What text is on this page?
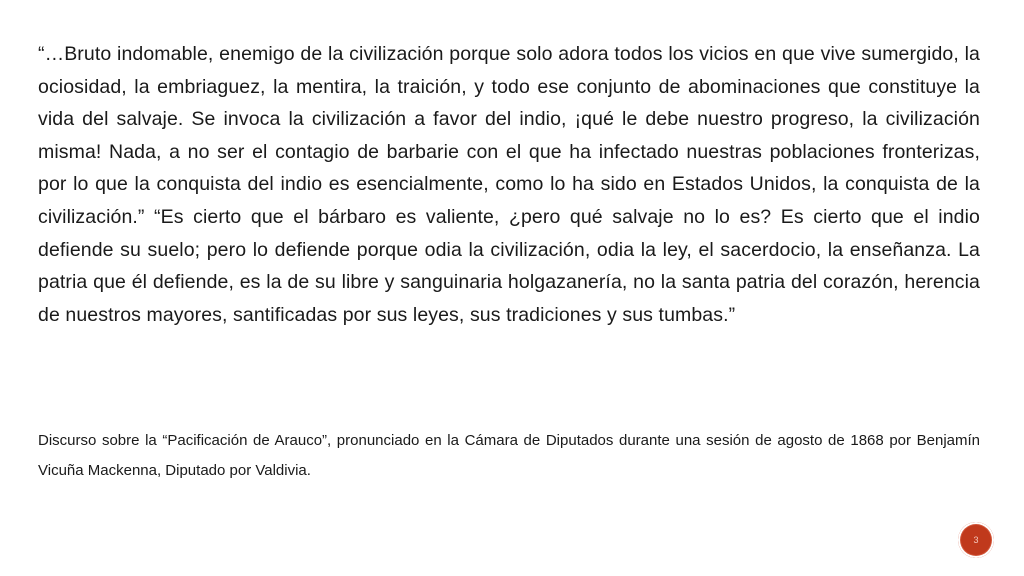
“…Bruto indomable, enemigo de la civilización porque solo adora todos los vicios en que vive sumergido, la ociosidad, la embriaguez, la mentira, la traición, y todo ese conjunto de abominaciones que constituye la vida del salvaje. Se invoca la civilización a favor del indio, ¡qué le debe nuestro progreso, la civilización misma! Nada, a no ser el contagio de barbarie con el que ha infectado nuestras poblaciones fronterizas, por lo que la conquista del indio es esencialmente, como lo ha sido en Estados Unidos, la conquista de la civilización.” “Es cierto que el bárbaro es valiente, ¿pero qué salvaje no lo es? Es cierto que el indio defiende su suelo; pero lo defiende porque odia la civilización, odia la ley, el sacerdocio, la enseñanza. La patria que él defiende, es la de su libre y sanguinaria holgazanería, no la santa patria del corazón, herencia de nuestros mayores, santificadas por sus leyes, sus tradiciones y sus tumbas.”

Discurso sobre la “Pacificación de Arauco”, pronunciado en la Cámara de Diputados durante una sesión de agosto de 1868 por Benjamín Vicuña Mackenna, Diputado por Valdivia.

3
